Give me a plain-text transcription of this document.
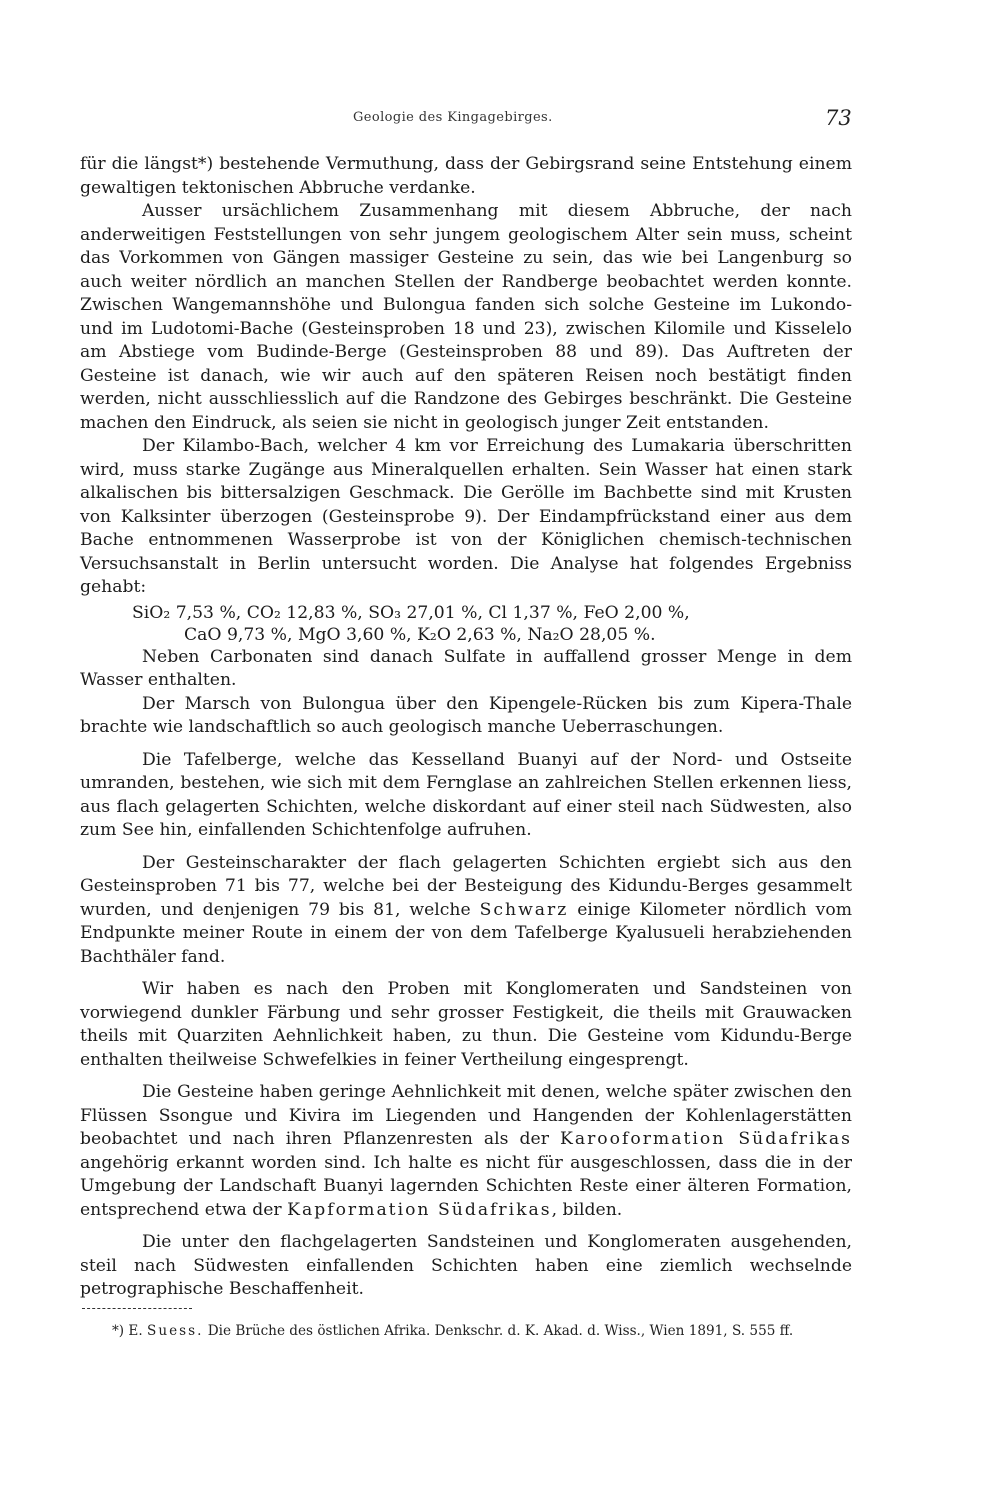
Geologie des Kingagebirges.	73

für die längst*) bestehende Vermuthung, dass der Gebirgsrand seine Entstehung einem gewaltigen tektonischen Abbruche verdanke.

Ausser ursächlichem Zusammenhang mit diesem Abbruche, der nach anderweitigen Feststellungen von sehr jungem geologischem Alter sein muss, scheint das Vorkommen von Gängen massiger Gesteine zu sein, das wie bei Langenburg so auch weiter nördlich an manchen Stellen der Randberge beobachtet werden konnte. Zwischen Wangemannshöhe und Bulongua fanden sich solche Gesteine im Lukondo- und im Ludotomi-Bache (Gesteinsproben 18 und 23), zwischen Kilomile und Kisselelo am Abstiege vom Budinde-Berge (Gesteinsproben 88 und 89). Das Auftreten der Gesteine ist danach, wie wir auch auf den späteren Reisen noch bestätigt finden werden, nicht ausschliesslich auf die Randzone des Gebirges beschränkt. Die Gesteine machen den Eindruck, als seien sie nicht in geologisch junger Zeit entstanden.

Der Kilambo-Bach, welcher 4 km vor Erreichung des Lumakaria überschritten wird, muss starke Zugänge aus Mineralquellen erhalten. Sein Wasser hat einen stark alkalischen bis bittersalzigen Geschmack. Die Gerölle im Bachbette sind mit Krusten von Kalksinter überzogen (Gesteinsprobe 9). Der Eindampfrückstand einer aus dem Bache entnommenen Wasserprobe ist von der Königlichen chemisch-technischen Versuchsanstalt in Berlin untersucht worden. Die Analyse hat folgendes Ergebniss gehabt:

SiO₂ 7,53 %, CO₂ 12,83 %, SO₃ 27,01 %, Cl 1,37 %, FeO 2,00 %,
CaO 9,73 %, MgO 3,60 %, K₂O 2,63 %, Na₂O 28,05 %.

Neben Carbonaten sind danach Sulfate in auffallend grosser Menge in dem Wasser enthalten.

Der Marsch von Bulongua über den Kipengele-Rücken bis zum Kipera-Thale brachte wie landschaftlich so auch geologisch manche Ueberraschungen.

Die Tafelberge, welche das Kesselland Buanyi auf der Nord- und Ostseite umranden, bestehen, wie sich mit dem Fernglase an zahlreichen Stellen erkennen liess, aus flach gelagerten Schichten, welche diskordant auf einer steil nach Südwesten, also zum See hin, einfallenden Schichtenfolge aufruhen.

Der Gesteinscharakter der flach gelagerten Schichten ergiebt sich aus den Gesteinsproben 71 bis 77, welche bei der Besteigung des Kidundu-Berges gesammelt wurden, und denjenigen 79 bis 81, welche Schwarz einige Kilometer nördlich vom Endpunkte meiner Route in einem der von dem Tafelberge Kyalusueli herabziehenden Bachthäler fand.

Wir haben es nach den Proben mit Konglomeraten und Sandsteinen von vorwiegend dunkler Färbung und sehr grosser Festigkeit, die theils mit Grauwacken theils mit Quarziten Aehnlichkeit haben, zu thun. Die Gesteine vom Kidundu-Berge enthalten theilweise Schwefelkies in feiner Vertheilung eingesprengt.

Die Gesteine haben geringe Aehnlichkeit mit denen, welche später zwischen den Flüssen Ssongue und Kivira im Liegenden und Hangenden der Kohlenlagerstätten beobachtet und nach ihren Pflanzenresten als der Karooformation Südafrikas angehörig erkannt worden sind. Ich halte es nicht für ausgeschlossen, dass die in der Umgebung der Landschaft Buanyi lagernden Schichten Reste einer älteren Formation, entsprechend etwa der Kapformation Südafrikas, bilden.

Die unter den flachgelagerten Sandsteinen und Konglomeraten ausgehenden, steil nach Südwesten einfallenden Schichten haben eine ziemlich wechselnde petrographische Beschaffenheit.

*) E. Suess. Die Brüche des östlichen Afrika. Denkschr. d. K. Akad. d. Wiss., Wien 1891, S. 555 ff.
